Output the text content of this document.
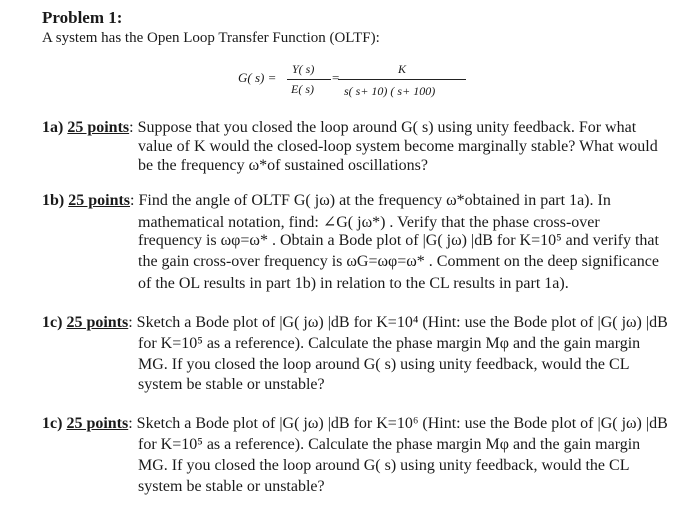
Problem 1:
A system has the Open Loop Transfer Function (OLTF):
G( s) =
Y( s)
E( s)
=
K
s( s+ 10) ( s+ 100)
1a) 25 points: Suppose that you closed the loop around G( s) using unity feedback. For what
value of K would the closed-loop system become marginally stable? What would
be the frequency ω*of sustained oscillations?
1b) 25 points: Find the angle of OLTF G( jω) at the frequency ω*obtained in part 1a). In
mathematical notation, find: ∠G( jω*) . Verify that the phase cross-over
frequency is ωφ=ω* . Obtain a Bode plot of |G( jω) |dB for K=10⁵ and verify that
the gain cross-over frequency is ωG=ωφ=ω* . Comment on the deep significance
of the OL results in part 1b) in relation to the CL results in part 1a).
1c) 25 points: Sketch a Bode plot of |G( jω) |dB for K=10⁴ (Hint: use the Bode plot of |G( jω) |dB
for K=10⁵ as a reference). Calculate the phase margin Mφ and the gain margin
MG. If you closed the loop around G( s) using unity feedback, would the CL
system be stable or unstable?
1c) 25 points: Sketch a Bode plot of |G( jω) |dB for K=10⁶ (Hint: use the Bode plot of |G( jω) |dB
for K=10⁵ as a reference). Calculate the phase margin Mφ and the gain margin
MG. If you closed the loop around G( s) using unity feedback, would the CL
system be stable or unstable?
